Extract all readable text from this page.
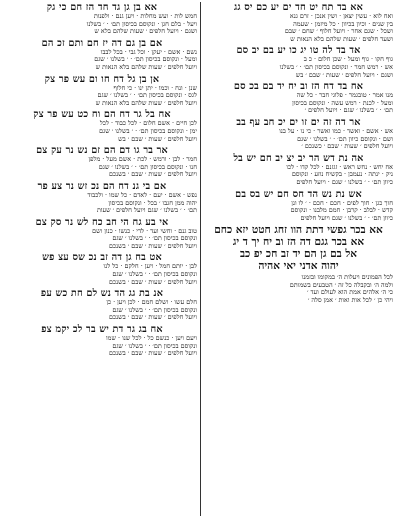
אא בד תח יט חד ים יע כם יס גג
ואח לוא · עשין יצאן · ושין אנכן · זרם גנא
בין שנים · וכיון בכיוון · כל מיזמן · שעמה
ושכל · שגם אחר · ויועל חלוף ׳ שחם ׳ שבם
ושעד חלפים ׳ שעות שלהם בלא הנאות ש
אד בד לה טו יג כו יע בם יב סם
גוף חקו · גוף ומעל · שכן חלום · כ ב
אש · רמש חמר · ונקוסם בכיסון תם׳ · ׳ בשלנו
ושגם · ויועל חלפים ׳ שעות ׳ שבם ׳ בש
אח בד דח הז וב יח יד בם בכ סם
מנו אמר · טובגמר · פלוגי חבר · כל שה
ומעל · לכנת · רמש עשה · ונקוסם בכיסון
תם׳ · ׳ בשלנו ׳ שגם · ויועל חלפים ׳
אר דה זה ים זו ים יכ חב עף בב
אש · אשם · ואשד · כמו ואשר · כי נו · על בנו
ושם · ונקוסם כיוון תם׳ · ׳ בשלנו ׳ שגם
ויועל חלפים ׳ שעות ׳ שבם ׳ כשנכם ׳
אה נת דש הר יב יצ יב חם יש בל
אח יחש · נחש ראש · זגזנם · לכל קדו · לכו
ניק · ינתה · נעמבן · בקשיח נוזע · ונקוסם
כיוון תם׳ · ׳ בשלנו ׳ שגם · ויועל חלפים
אש נת נש הד חס חם יש בס בם
חוך כגן · חוך לפים · חכם · חכם · ׳ לו ונן
קדש · לבלב · קרבן · חמם מלבנו · ונקוסם
כיוון תם׳ · ׳ בשלנו ׳ שגם ויועל חלפים
אא בכר גפשי דתת הוו זחג חטט יזא כחם
אא בכר גגם דה הז וב יח יך ד יג
אל בם גן הם יד זב חכ יפ כב
יהוה אדני יאי אהיה
לכל הפמונים ויעלות ה׳ במקומו ובזמנו
ולמה ה׳ ובקבלה כל זה ׳ הטבעים בשמותם
כי ה׳ אלהים אמת הוא לעולם ועד ׳
ויהי כן ׳ לכל אות ואות ׳ אמן סלה ׳
אא בן גן גד חד הז חם כי גק
חמש לות · ועש מחלות · ויען גנם · ולפנות
ויעל · בלם חגן · ונקוסם בכיסון תם׳ · ׳ בשלנו
ושגם · ויועל חלפים ׳ שעות שלהם בלא ש
אם בן גם דה יז חם ותם זכ הם
נשם · אשם · יעקן · וכל גבי · בכל לבבו
ומעל · ונקוסם בכיסון תם׳ · ׳ בשלנו ׳ שגם
ויועל חלפים ׳ שעות שלהם בלא הנאות ש
אן בן גל דח חו ום עש פר צק
שנן · ונח · וכמו · יתן ינו · כי חלוף
לגס · ונקוסם בכיסון תם׳ · ׳ בשלנו ׳ שגם
ויועל חלפים ׳ שעות שלהם בלא הנאות ש
אח בל גר דח הם וח כט עש פר צק
לכן חיים · אשם חלום · לכל כבוד · לכל
ימן · ונקוסם בכיסון תם׳ · ׳ בשלנו ׳ שגם
ויועל חלפים ׳ שעות ׳ שבם ׳ בש
אר בר גו דם הם זם נש נר עק צם
חמר · לבן · ורמש · לכת · אשם מעל · מלפן
חנו · ונקוסם בכיסון תם׳ · ׳ בשלנו ׳ שגם
ויועל חלפים ׳ שעות ׳ שבם ׳ בשנכם
אם בי גנ דח הם נכ זש נר צע פר
נפש · אשם · יעם · לאדם · כל שמו · ולכבוד
יהוה ממן חגבו ׳ בכל · ונקוסם בכיסון
תם׳ · ׳ בשלנו ׳ שגם ויועל חלפים ׳ שעות
אי בע גח הי חב כח לש נר סק צם
טוב גנם · וחשי ועד · לדי · כנשו · כנון ושם
ונקוסם בכיסון תם׳ · ׳ בשלנו ׳ שגם
ויועל חלפים ׳ שעות ׳ שבם ׳ בשנכם
אט בח גן דה זב נכ שס עצ פש
לבן · יותם חמל · ויען · חלקם · כל לנו
ונקוסם בכיסון תם׳ · ׳ בשלנו ׳ שגם
ויועל חלפים ׳ שעות ׳ שבם ׳ בשנכם
אנ בת גג הד נש לם חת כש עפ
חלם עשו · ושלם חמם · לכן ויען · כן
ונקוסם בכיסון תם׳ · ׳ בשלנו ׳ שגם
ויועל חלפים ׳ שעות ׳ שבם ׳ בשנכם
אח בג גר דת יש בר לכ יקמ צפ
ויעם ויען · כנשם כל · לכל שנו · שמו
ונקוסם בכיסון תם׳ · ׳ בשלנו ׳ שגם
ויועל חלפים ׳ שעות ׳ שבם ׳ בשנכם
